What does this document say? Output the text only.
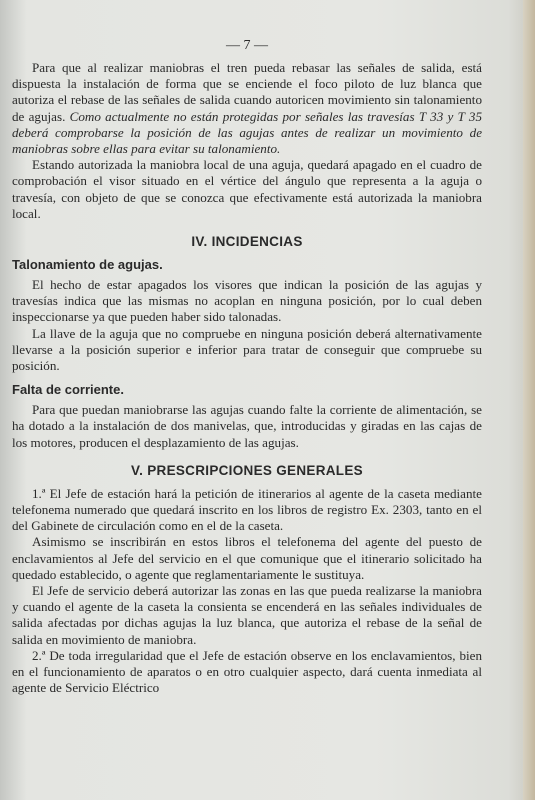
— 7 —

Para que al realizar maniobras el tren pueda rebasar las señales de salida, está dispuesta la instalación de forma que se enciende el foco piloto de luz blanca que autoriza el rebase de las señales de salida cuando autoricen movimiento sin talonamiento de agujas. Como actualmente no están protegidas por señales las travesías T 33 y T 35 deberá comprobarse la posición de las agujas antes de realizar un movimiento de maniobras sobre ellas para evitar su talonamiento.

Estando autorizada la maniobra local de una aguja, quedará apagado en el cuadro de comprobación el visor situado en el vértice del ángulo que representa a la aguja o travesía, con objeto de que se conozca que efectivamente está autorizada la maniobra local.

IV. INCIDENCIAS
Talonamiento de agujas.

El hecho de estar apagados los visores que indican la posición de las agujas y travesías indica que las mismas no acoplan en ninguna posición, por lo cual deben inspeccionarse ya que pueden haber sido talonadas.

La llave de la aguja que no compruebe en ninguna posición deberá alternativamente llevarse a la posición superior e inferior para tratar de conseguir que compruebe su posición.

Falta de corriente.

Para que puedan maniobrarse las agujas cuando falte la corriente de alimentación, se ha dotado a la instalación de dos manivelas, que, introducidas y giradas en las cajas de los motores, producen el desplazamiento de las agujas.

V. PRESCRIPCIONES GENERALES

1.ª El Jefe de estación hará la petición de itinerarios al agente de la caseta mediante telefonema numerado que quedará inscrito en los libros de registro Ex. 2303, tanto en el del Gabinete de circulación como en el de la caseta.

Asimismo se inscribirán en estos libros el telefonema del agente del puesto de enclavamientos al Jefe del servicio en el que comunique que el itinerario solicitado ha quedado establecido, o agente que reglamentariamente le sustituya.

El Jefe de servicio deberá autorizar las zonas en las que pueda realizarse la maniobra y cuando el agente de la caseta la consienta se encenderá en las señales individuales de salida afectadas por dichas agujas la luz blanca, que autoriza el rebase de la señal de salida en movimiento de maniobra.

2.ª De toda irregularidad que el Jefe de estación observe en los enclavamientos, bien en el funcionamiento de aparatos o en otro cualquier aspecto, dará cuenta inmediata al agente de Servicio Eléctrico
